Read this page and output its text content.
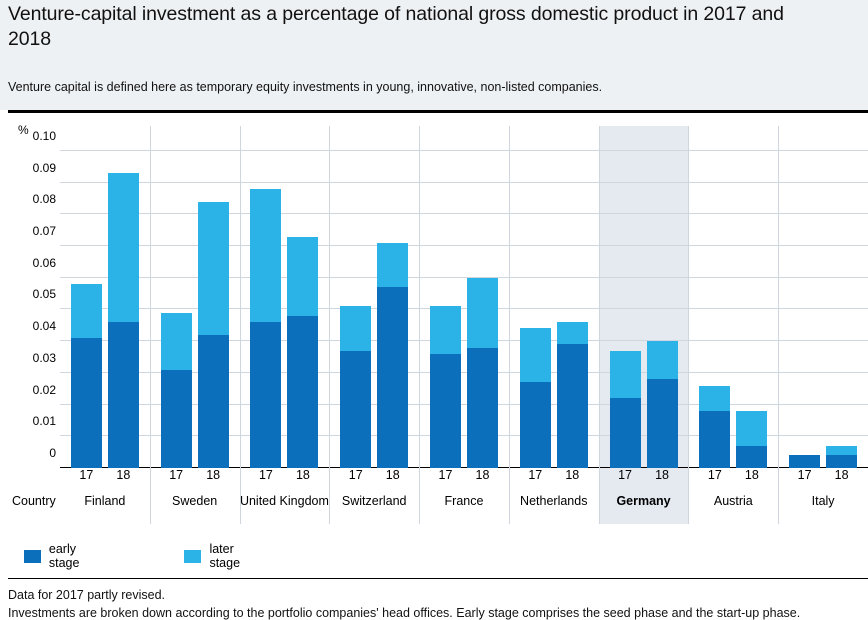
Venture-capital investment as a percentage of national gross domestic product in 2017 and 2018
Venture capital is defined here as temporary equity investments in young, innovative, non-listed companies.
%
0
0.01
0.02
0.03
0.04
0.05
0.06
0.07
0.08
0.09
0.10
Country
17	18
Finland
17	18
Sweden
17	18
United Kingdom
17	18
Switzerland
17	18
France
17	18
Netherlands
17	18
Germany
17	18
Austria
17	18
Italy
early stage
later stage
Data for 2017 partly revised.
Investments are broken down according to the portfolio companies' head offices. Early stage comprises the seed phase and the start-up phase.
